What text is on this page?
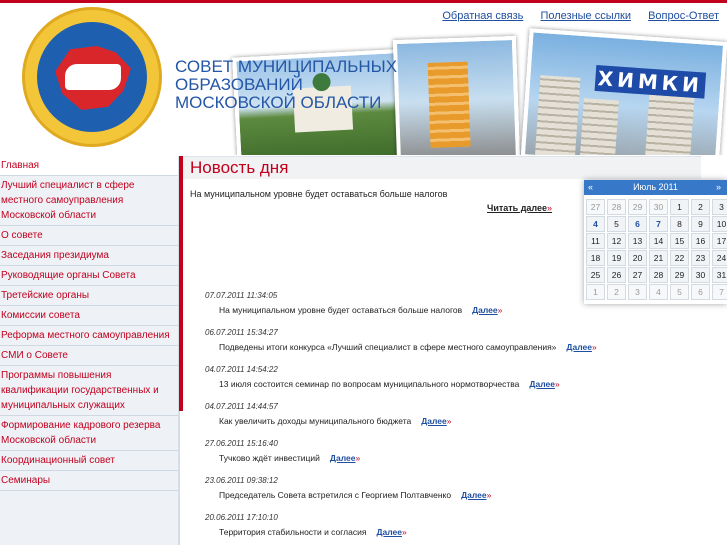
ХИМКИ
СОВЕТ МУНИЦИПАЛЬНЫХ ОБРАЗОВАНИЙ
МОСКОВСКОЙ ОБЛАСТИ
Обратная связь Полезные ссылки Вопрос-Ответ
Главная
Лучший специалист в сфере местного самоуправления Московской области
О совете
Заседания президиума
Руководящие органы Совета
Третейские органы
Комиссии совета
Реформа местного самоуправления
СМИ о Совете
Программы повышения квалификации государственных и муниципальных служащих
Формирование кадрового резерва Московской области
Координационный совет
Семинары
Новость дня
На муниципальном уровне будет оставаться больше налогов
Читать далее»
07.07.2011 11:34:05
На муниципальном уровне будет оставаться больше налогов Далее»
06.07.2011 15:34:27
Подведены итоги конкурса «Лучший специалист в сфере местного самоуправления» Далее»
04.07.2011 14:54:22
13 июля состоится семинар по вопросам муниципального нормотворчества Далее»
04.07.2011 14:44:57
Как увеличить доходы муниципального бюджета Далее»
27.06.2011 15:16:40
Тучково ждёт инвестиций Далее»
23.06.2011 09:38:12
Председатель Совета встретился с Георгием Полтавченко Далее»
20.06.2011 17:10:10
Территория стабильности и согласия Далее»
«	Июль 2011	»
27	28	29	30	1	2	3
4	5	6	7	8	9	10
11	12	13	14	15	16	17
18	19	20	21	22	23	24
25	26	27	28	29	30	31
1	2	3	4	5	6	7
